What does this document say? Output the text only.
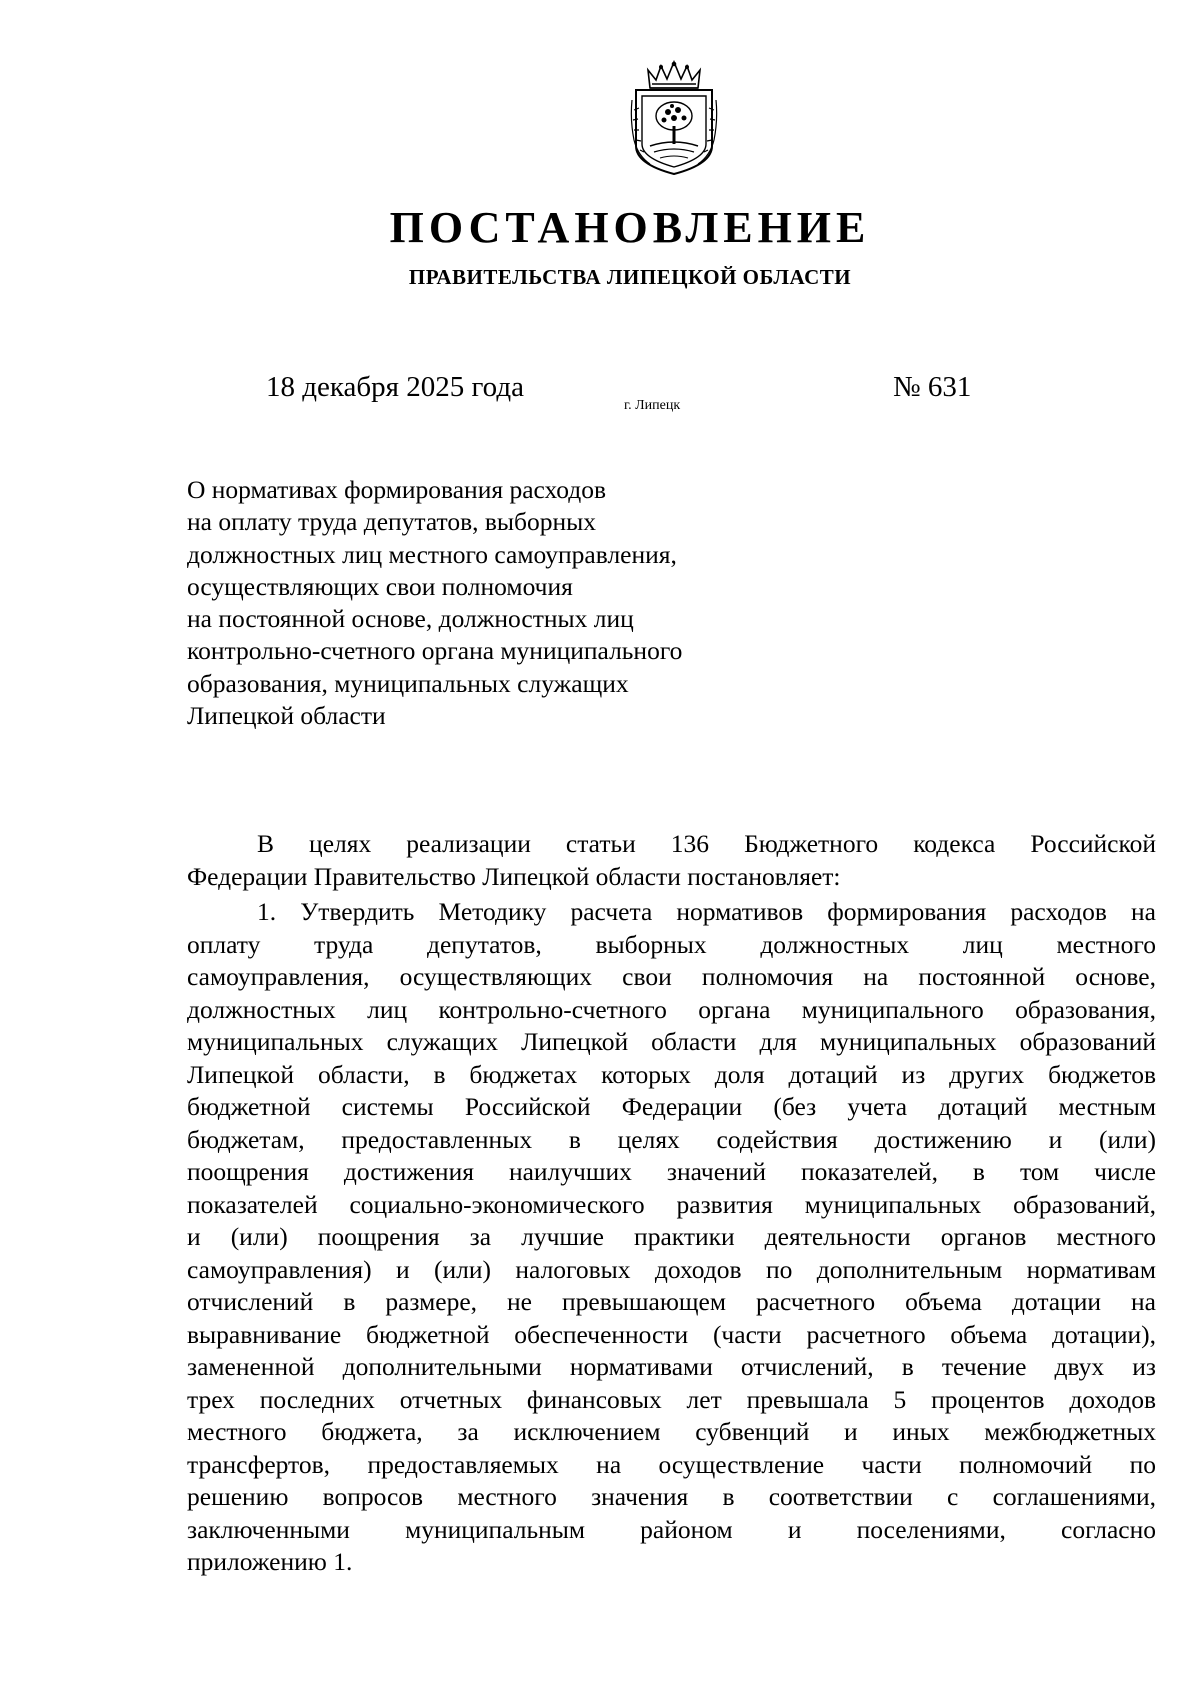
ПОСТАНОВЛЕНИЕ
ПРАВИТЕЛЬСТВА ЛИПЕЦКОЙ ОБЛАСТИ
18 декабря 2025 года
г. Липецк
№ 631
О нормативах формирования расходов
на оплату труда депутатов, выборных
должностных лиц местного самоуправления,
осуществляющих свои полномочия
на постоянной основе, должностных лиц
контрольно-счетного органа муниципального
образования, муниципальных служащих
Липецкой области
В целях реализации статьи 136 Бюджетного кодекса Российской
Федерации Правительство Липецкой области постановляет:
1. Утвердить Методику расчета нормативов формирования расходов на
оплату труда депутатов, выборных должностных лиц местного
самоуправления, осуществляющих свои полномочия на постоянной основе,
должностных лиц контрольно-счетного органа муниципального образования,
муниципальных служащих Липецкой области для муниципальных образований
Липецкой области, в бюджетах которых доля дотаций из других бюджетов
бюджетной системы Российской Федерации (без учета дотаций местным
бюджетам, предоставленных в целях содействия достижению и (или)
поощрения достижения наилучших значений показателей, в том числе
показателей социально-экономического развития муниципальных образований,
и (или) поощрения за лучшие практики деятельности органов местного
самоуправления) и (или) налоговых доходов по дополнительным нормативам
отчислений в размере, не превышающем расчетного объема дотации на
выравнивание бюджетной обеспеченности (части расчетного объема дотации),
замененной дополнительными нормативами отчислений, в течение двух из
трех последних отчетных финансовых лет превышала 5 процентов доходов
местного бюджета, за исключением субвенций и иных межбюджетных
трансфертов, предоставляемых на осуществление части полномочий по
решению вопросов местного значения в соответствии с соглашениями,
заключенными муниципальным районом и поселениями, согласно
приложению 1.
